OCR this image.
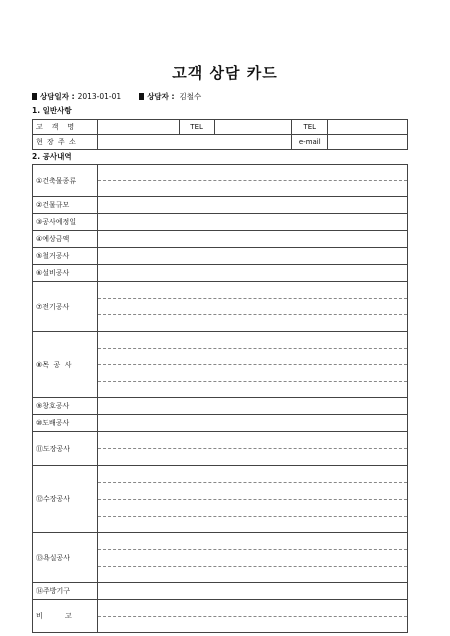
고객 상담 카드
상담일자 : 2013-01-01	상담자 : 김철수
1. 일반사항
고    객    명		TEL		TEL	
현 장 주 소				e-mail	
2. 공사내역
①건축물종류	

②건물규모	
③공사예정일	
④예상금액	
⑤철거공사	
⑥설비공사	
⑦전기공사	

⑧목  공  사	

⑨창호공사	
⑩도배공사	
⑪도장공사	

⑫수장공사	

⑬욕실공사	

⑭주방기구	
비          고	
